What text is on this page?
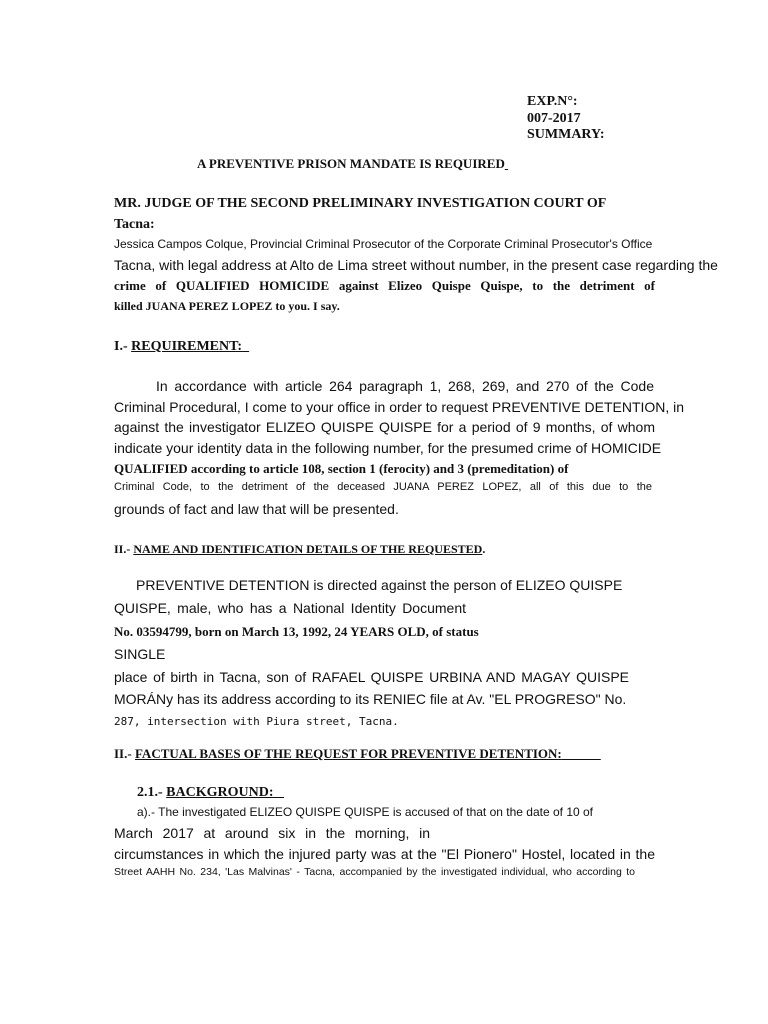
EXP.N°:
007-2017
SUMMARY:
A PREVENTIVE PRISON MANDATE IS REQUIRED
MR. JUDGE OF THE SECOND PRELIMINARY INVESTIGATION COURT OF
Tacna:
Jessica Campos Colque, Provincial Criminal Prosecutor of the Corporate Criminal Prosecutor's Office
Tacna, with legal address at Alto de Lima street without number, in the present case regarding the
crime of QUALIFIED HOMICIDE against Elizeo Quispe Quispe, to the detriment of
killed JUANA PEREZ LOPEZ to you. I say.
I.- REQUIREMENT:
In accordance with article 264 paragraph 1, 268, 269, and 270 of the Code
Criminal Procedural, I come to your office in order to request PREVENTIVE DETENTION, in
against the investigator ELIZEO QUISPE QUISPE for a period of 9 months, of whom
indicate your identity data in the following number, for the presumed crime of HOMICIDE
QUALIFIED according to article 108, section 1 (ferocity) and 3 (premeditation) of
Criminal Code, to the detriment of the deceased JUANA PEREZ LOPEZ, all of this due to the
grounds of fact and law that will be presented.
II.- NAME AND IDENTIFICATION DETAILS OF THE REQUESTED.
PREVENTIVE DETENTION is directed against the person of ELIZEO QUISPE
QUISPE, male, who has a National Identity Document
No. 03594799, born on March 13, 1992, 24 YEARS OLD, of status
SINGLE
place of birth in Tacna, son of RAFAEL QUISPE URBINA AND MAGAY QUISPE
MORÁNy has its address according to its RENIEC file at Av. "EL PROGRESO" No.
287, intersection with Piura street, Tacna.
II.- FACTUAL BASES OF THE REQUEST FOR PREVENTIVE DETENTION:
2.1.- BACKGROUND:
a).- The investigated ELIZEO QUISPE QUISPE is accused of that on the date of 10 of
March 2017 at around six in the morning, in
circumstances in which the injured party was at the "El Pionero" Hostel, located in the
Street AAHH No. 234, 'Las Malvinas' - Tacna, accompanied by the investigated individual, who according to
